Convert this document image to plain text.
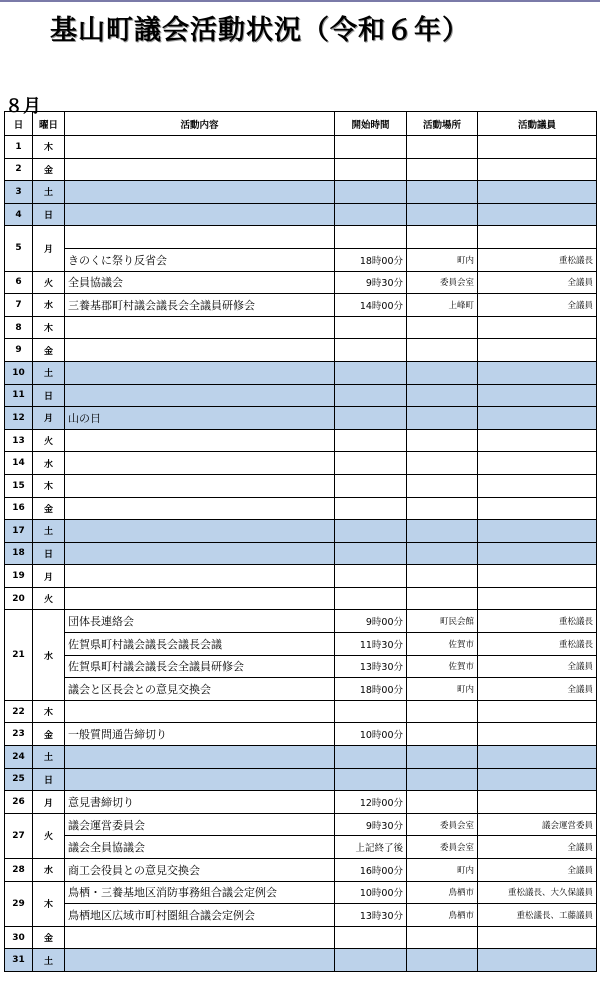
基山町議会活動状況（令和６年）
８月
日	曜日	活動内容	開始時間	活動場所	活動議員
1	木				
2	金				
3	土				
4	日				
5	月				
		きのくに祭り反省会	18時00分	町内	重松議長
6	火	全員協議会	9時30分	委員会室	全議員
7	水	三養基郡町村議会議長会全議員研修会	14時00分	上峰町	全議員
8	木				
9	金				
10	土				
11	日				
12	月	山の日			
13	火				
14	水				
15	木				
16	金				
17	土				
18	日				
19	月				
20	火				
21	水	団体長連絡会	9時00分	町民会館	重松議長
		佐賀県町村議会議長会議長会議	11時30分	佐賀市	重松議長
		佐賀県町村議会議長会全議員研修会	13時30分	佐賀市	全議員
		議会と区長会との意見交換会	18時00分	町内	全議員
22	木				
23	金	一般質問通告締切り	10時00分		
24	土				
25	日				
26	月	意見書締切り	12時00分		
27	火	議会運営委員会	9時30分	委員会室	議会運営委員
		議会全員協議会	上記終了後	委員会室	全議員
28	水	商工会役員との意見交換会	16時00分	町内	全議員
29	木	鳥栖・三養基地区消防事務組合議会定例会	10時00分	鳥栖市	重松議長、大久保議員
		鳥栖地区広域市町村圏組合議会定例会	13時30分	鳥栖市	重松議長、工藤議員
30	金				
31	土				
